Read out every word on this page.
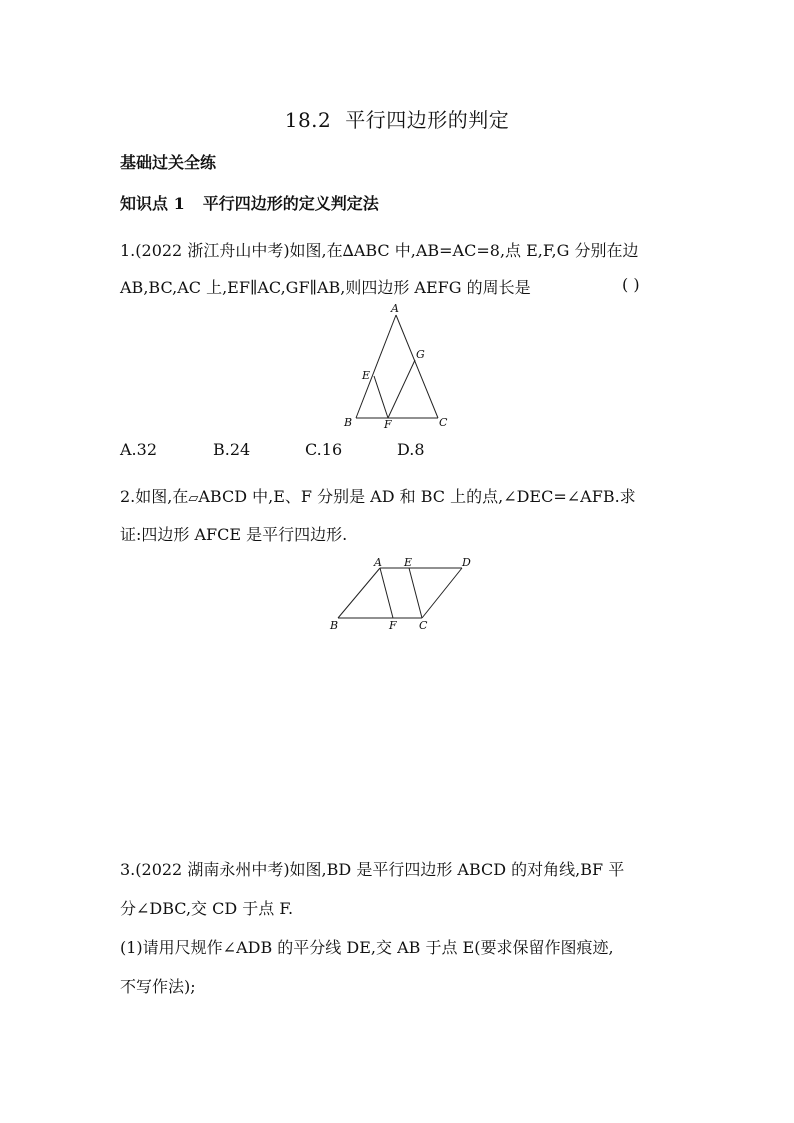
18.2 平行四边形的判定
基础过关全练
知识点 1 平行四边形的定义判定法
1.(2022 浙江舟山中考)如图,在∆ABC 中,AB=AC=8,点 E,F,G 分别在边
AB,BC,AC 上,EF∥AC,GF∥AB,则四边形 AEFG 的周长是	( )
A
B	C
E
F
G
A.32	B.24	C.16	D.8
2.如图,在▱ABCD 中,E、F 分别是 AD 和 BC 上的点,∠DEC=∠AFB.求
证:四边形 AFCE 是平行四边形.
A E	D
B	F C
3.(2022 湖南永州中考)如图,BD 是平行四边形 ABCD 的对角线,BF 平
分∠DBC,交 CD 于点 F.
(1)请用尺规作∠ADB 的平分线 DE,交 AB 于点 E(要求保留作图痕迹,
不写作法);
